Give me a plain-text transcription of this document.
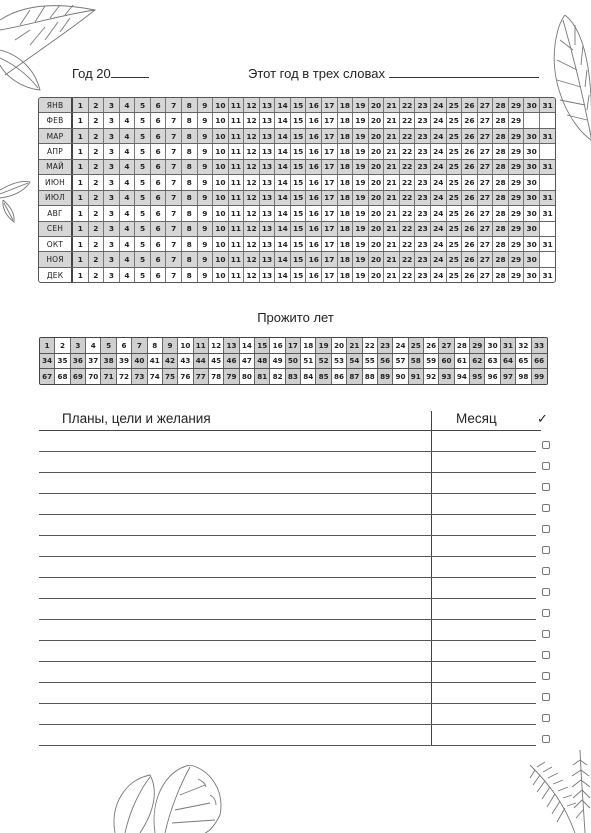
Год 20	Этот год в трех словах
ЯНВ	1	2	3	4	5	6	7	8	9	10 11 12 13 14 15 16 17 18 19 20 21 22 23 24 25 26 27 28 29 30 31
ФЕВ	1	2	3	4	5	6	7	8	9	10 11 12 13 14 15 16 17 18 19 20 21 22 23 24 25 26 27 28 29
МАР	1	2	3	4	5	6	7	8	9	10 11 12 13 14 15 16 17 18 19 20 21 22 23 24 25 26 27 28 29 30 31
АПР	1	2	3	4	5	6	7	8	9	10 11 12 13 14 15 16 17 18 19 20 21 22 23 24 25 26 27 28 29 30
МАЙ	1	2	3	4	5	6	7	8	9	10 11 12 13 14 15 16 17 18 19 20 21 22 23 24 25 26 27 28 29 30 31
ИЮН	1	2	3	4	5	6	7	8	9	10 11 12 13 14 15 16 17 18 19 20 21 22 23 24 25 26 27 28 29 30
ИЮЛ	1	2	3	4	5	6	7	8	9	10 11 12 13 14 15 16 17 18 19 20 21 22 23 24 25 26 27 28 29 30 31
АВГ	1	2	3	4	5	6	7	8	9	10 11 12 13 14 15 16 17 18 19 20 21 22 23 24 25 26 27 28 29 30 31
СЕН	1	2	3	4	5	6	7	8	9	10 11 12 13 14 15 16 17 18 19 20 21 22 23 24 25 26 27 28 29 30
ОКТ	1	2	3	4	5	6	7	8	9	10 11 12 13 14 15 16 17 18 19 20 21 22 23 24 25 26 27 28 29 30 31
НОЯ	1	2	3	4	5	6	7	8	9	10 11 12 13 14 15 16 17 18 19 20 21 22 23 24 25 26 27 28 29 30
ДЕК	1	2	3	4	5	6	7	8	9	10 11 12 13 14 15 16 17 18 19 20 21 22 23 24 25 26 27 28 29 30 31
Прожито лет
1	2	3	4	5	6	7	8	9	10 11 12 13 14 15 16 17 18 19 20 21 22 23 24 25 26 27 28 29 30 31 32 33
34 35 36 37 38 39 40 41 42 43 44 45 46 47 48 49 50 51 52 53 54 55 56 57 58 59 60 61 62 63 64 65 66
67 68 69 70 71 72 73 74 75 76 77 78 79 80 81 82 83 84 85 86 87 88 89 90 91 92 93 94 95 96 97 98 99
Планы, цели и желания	Месяц	✓
